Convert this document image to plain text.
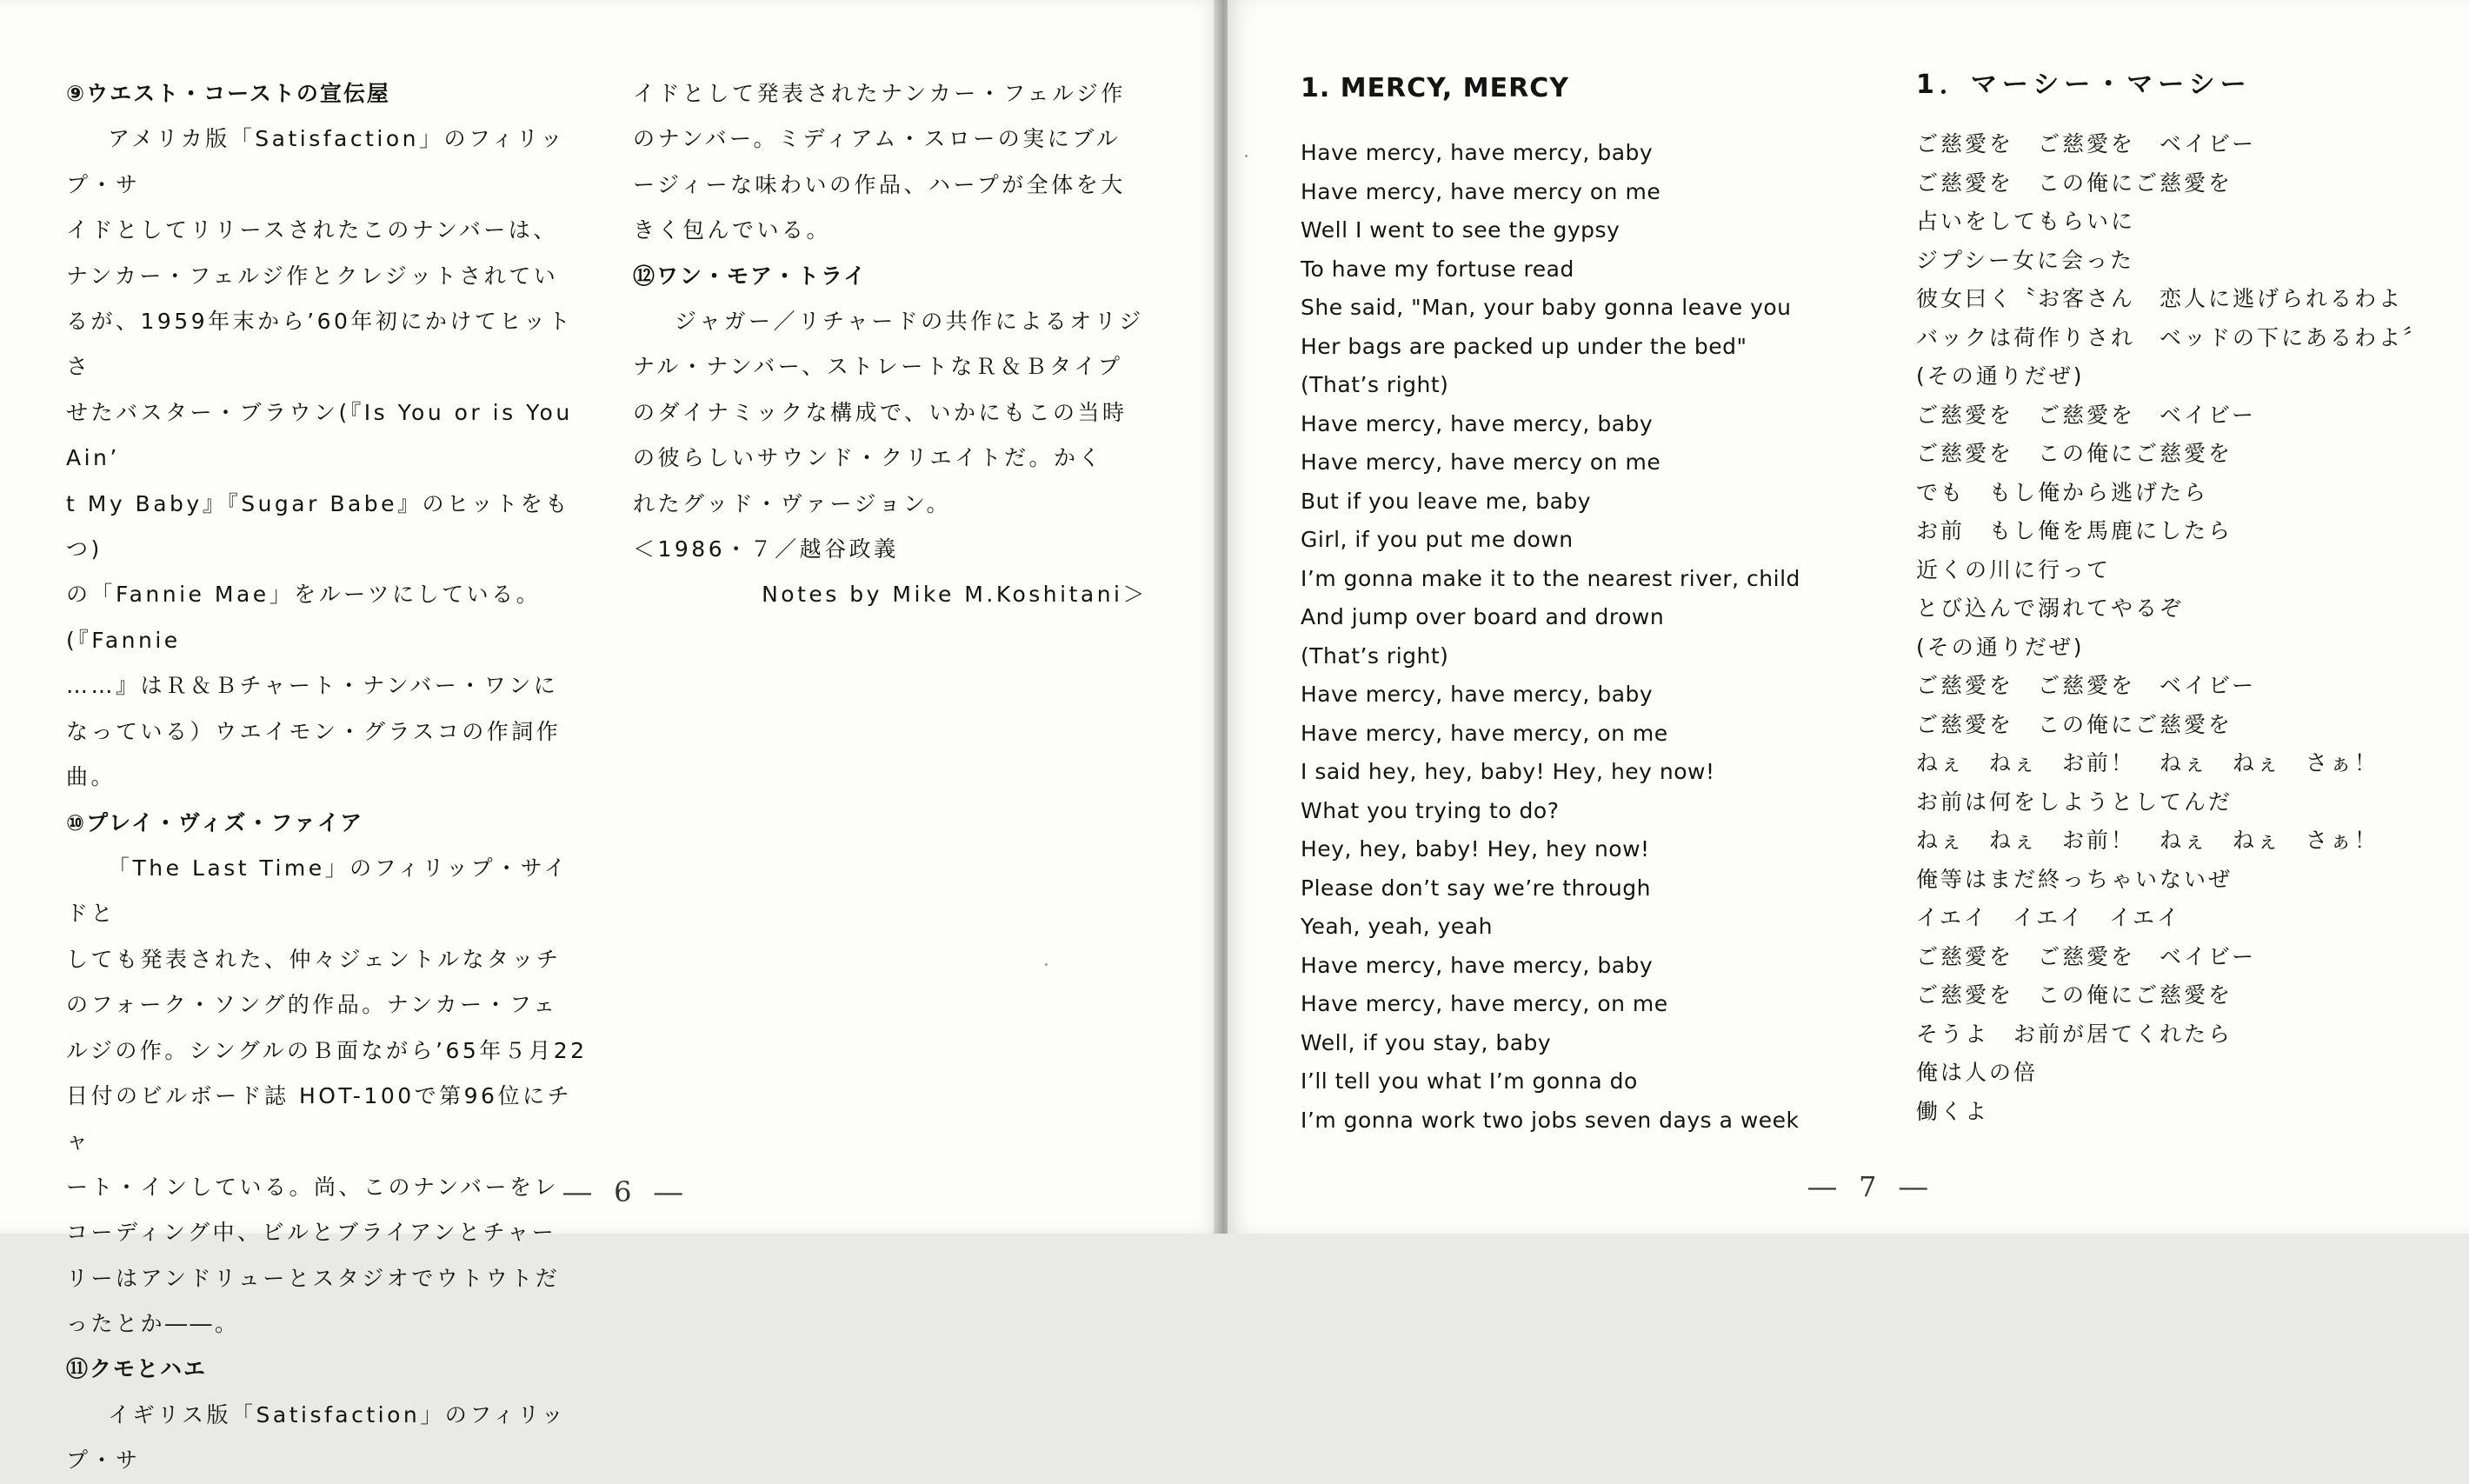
⑨ウエスト・コーストの宣伝屋

アメリカ版「Satisfaction」のフィリップ・サ

イドとしてリリースされたこのナンバーは、

ナンカー・フェルジ作とクレジットされてい

るが、1959年末から’60年初にかけてヒットさ

せたバスター・ブラウン(『Is You or is You Ain’

t My Baby』『Sugar Babe』のヒットをもつ)

の「Fannie Mae」をルーツにしている。(『Fannie

……』はＲ＆Ｂチャート・ナンバー・ワンに

なっている）ウエイモン・グラスコの作詞作

曲。

⑩プレイ・ヴィズ・ファイア

「The Last Time」のフィリップ・サイドと

しても発表された、仲々ジェントルなタッチ

のフォーク・ソング的作品。ナンカー・フェ

ルジの作。シングルのＢ面ながら’65年５月22

日付のビルボード誌 HOT-100で第96位にチャ

ート・インしている。尚、このナンバーをレ

コーディング中、ビルとブライアンとチャー

リーはアンドリューとスタジオでウトウトだ

ったとか――。

⑪クモとハエ

イギリス版「Satisfaction」のフィリップ・サ

イドとして発表されたナンカー・フェルジ作

のナンバー。ミディアム・スローの実にブル

ージィーな味わいの作品、ハープが全体を大

きく包んでいる。

⑫ワン・モア・トライ

ジャガー／リチャードの共作によるオリジ

ナル・ナンバー、ストレートなＲ＆Ｂタイプ

のダイナミックな構成で、いかにもこの当時

の彼らしいサウンド・クリエイトだ。かく

れたグッド・ヴァージョン。

＜1986・７／越谷政義

Notes by Mike M.Koshitani＞

― 6 ―
1. MERCY, MERCY
Have mercy, have mercy, baby
Have mercy, have mercy on me
Well I went to see the gypsy
To have my fortuse read
She said, "Man, your baby gonna leave you
Her bags are packed up under the bed"
(That’s right)
Have mercy, have mercy, baby
Have mercy, have mercy on me
But if you leave me, baby
Girl, if you put me down
I’m gonna make it to the nearest river, child
And jump over board and drown
(That’s right)
Have mercy, have mercy, baby
Have mercy, have mercy, on me
I said hey, hey, baby! Hey, hey now!
What you trying to do?
Hey, hey, baby! Hey, hey now!
Please don’t say we’re through
Yeah, yeah, yeah
Have mercy, have mercy, baby
Have mercy, have mercy, on me
Well, if you stay, baby
I’ll tell you what I’m gonna do
I’m gonna work two jobs seven days a week
1．マーシー・マーシー
ご慈愛を　ご慈愛を　ベイビー
ご慈愛を　この俺にご慈愛を
占いをしてもらいに
ジプシー女に会った
彼女曰く〝お客さん　恋人に逃げられるわよ
バックは荷作りされ　ベッドの下にあるわよ〞
(その通りだぜ)
ご慈愛を　ご慈愛を　ベイビー
ご慈愛を　この俺にご慈愛を
でも　もし俺から逃げたら
お前　もし俺を馬鹿にしたら
近くの川に行って
とび込んで溺れてやるぞ
(その通りだぜ)
ご慈愛を　ご慈愛を　ベイビー
ご慈愛を　この俺にご慈愛を
ねぇ　ねぇ　お前！　ねぇ　ねぇ　さぁ！
お前は何をしようとしてんだ
ねぇ　ねぇ　お前！　ねぇ　ねぇ　さぁ！
俺等はまだ終っちゃいないぜ
イエイ　イエイ　イエイ
ご慈愛を　ご慈愛を　ベイビー
ご慈愛を　この俺にご慈愛を
そうよ　お前が居てくれたら
俺は人の倍
働くよ
― 7 ―
